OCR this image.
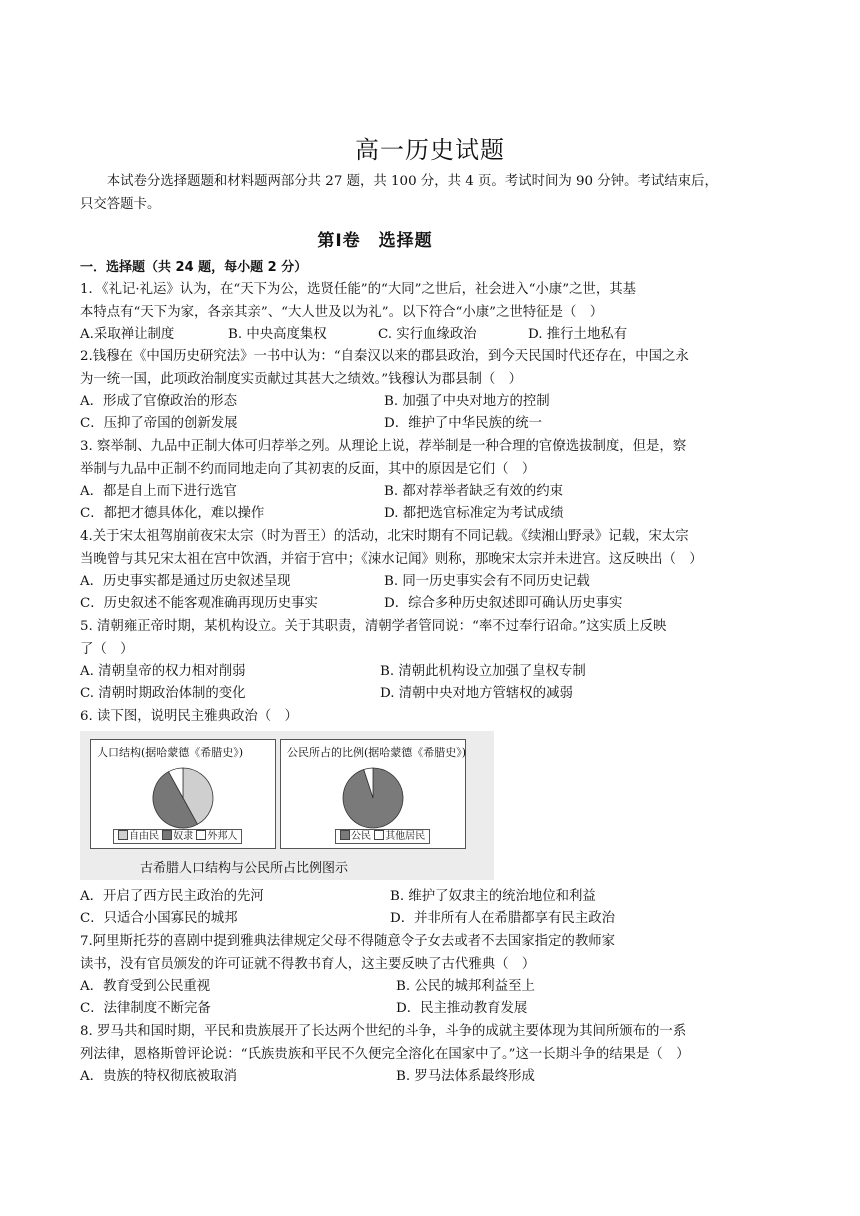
高一历史试题
本试卷分选择题题和材料题两部分共 27 题，共 100 分，共 4 页。考试时间为 90 分钟。考试结束后，
只交答题卡。
第Ⅰ卷　选择题
一．选择题（共 24 题，每小题 2 分）
1．《礼记·礼运》认为，在“天下为公，选贤任能”的“大同”之世后，社会进入“小康”之世，其基
本特点有“天下为家，各亲其亲”、“大人世及以为礼”。以下符合“小康”之世特征是（　）
A.采取禅让制度	B. 中央高度集权	C. 实行血缘政治	D. 推行土地私有
2.钱穆在《中国历史研究法》一书中认为：“自秦汉以来的郡县政治，到今天民国时代还存在，中国之永
为一统一国，此项政治制度实贡献过其甚大之绩效。”钱穆认为郡县制（　）
A．形成了官僚政治的形态	B. 加强了中央对地方的控制
C．压抑了帝国的创新发展	D．维护了中华民族的统一
3. 察举制、九品中正制大体可归荐举之列。从理论上说，荐举制是一种合理的官僚选拔制度，但是，察
举制与九品中正制不约而同地走向了其初衷的反面，其中的原因是它们（　）
A．都是自上而下进行选官	B. 都对荐举者缺乏有效的约束
C．都把才德具体化，难以操作	D. 都把选官标准定为考试成绩
4.关于宋太祖驾崩前夜宋太宗（时为晋王）的活动，北宋时期有不同记载。《续湘山野录》记载，宋太宗
当晚曾与其兄宋太祖在宫中饮酒，并宿于宫中；《涑水记闻》则称，那晚宋太宗并未进宫。这反映出（　）
A．历史事实都是通过历史叙述呈现	B. 同一历史事实会有不同历史记载
C．历史叙述不能客观准确再现历史事实	D．综合多种历史叙述即可确认历史事实
5. 清朝雍正帝时期，某机构设立。关于其职责，清朝学者管同说：“率不过奉行诏命。”这实质上反映
了（　）
A. 清朝皇帝的权力相对削弱	B. 清朝此机构设立加强了皇权专制
C. 清朝时期政治体制的变化	D. 清朝中央对地方管辖权的减弱
6. 读下图，说明民主雅典政治（　）
人口结构(据哈蒙德《希腊史》)
自由民 奴隶 外邦人
公民所占的比例(据哈蒙德《希腊史》)
公民 其他居民
古希腊人口结构与公民所占比例图示
A．开启了西方民主政治的先河	B. 维护了奴隶主的统治地位和利益
C．只适合小国寡民的城邦	D．并非所有人在希腊都享有民主政治
7.阿里斯托芬的喜剧中提到雅典法律规定父母不得随意令子女去或者不去国家指定的教师家
读书，没有官员颁发的许可证就不得教书育人，这主要反映了古代雅典（　）
A．教育受到公民重视	B. 公民的城邦利益至上
C．法律制度不断完备	D．民主推动教育发展
8. 罗马共和国时期，平民和贵族展开了长达两个世纪的斗争，斗争的成就主要体现为其间所颁布的一系
列法律，恩格斯曾评论说：“氏族贵族和平民不久便完全溶化在国家中了。”这一长期斗争的结果是（　）
A．贵族的特权彻底被取消	B. 罗马法体系最终形成
